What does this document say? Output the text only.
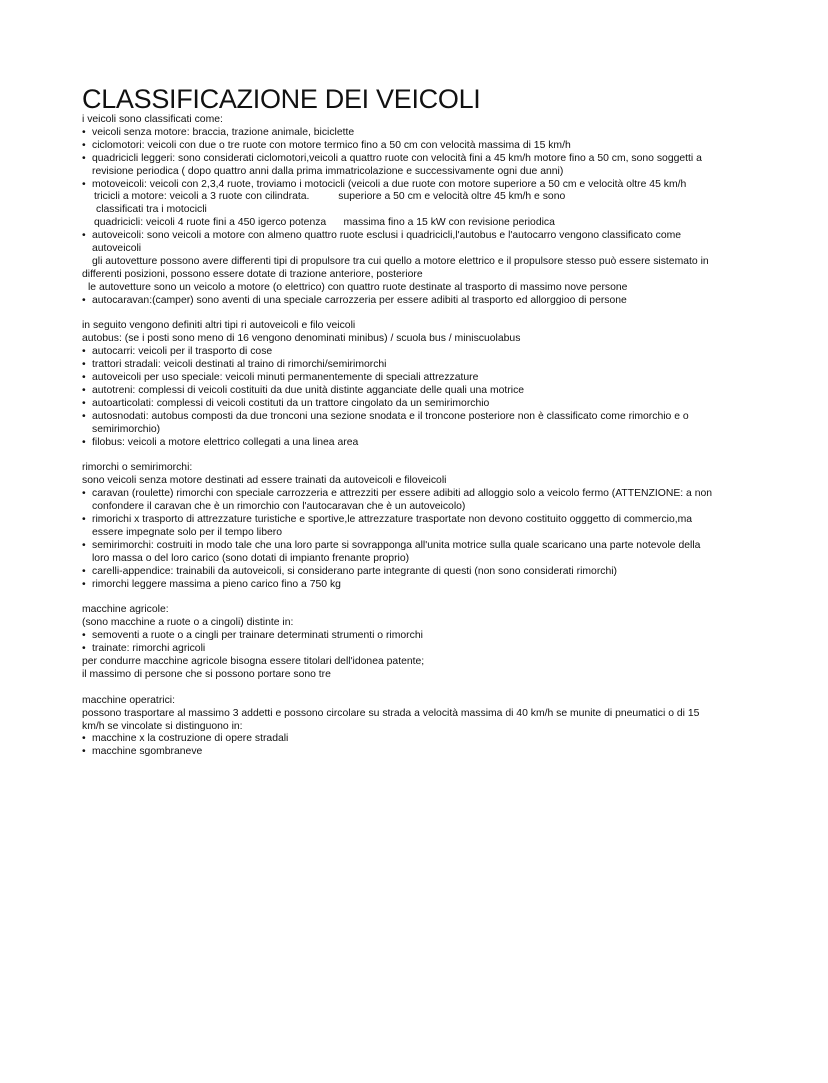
CLASSIFICAZIONE DEI VEICOLI
i veicoli sono classificati come:
• veicoli senza motore: braccia, trazione animale, biciclette
• ciclomotori: veicoli con due o tre ruote con motore termico fino a 50 cm con velocità massima di 15 km/h
• quadricicli leggeri: sono considerati ciclomotori,veicoli a quattro ruote con velocità fini a 45 km/h motore fino a 50 cm, sono soggetti a
revisione periodica ( dopo quattro anni dalla prima immatricolazione e successivamente ogni due anni)
• motoveicoli: veicoli con 2,3,4 ruote, troviamo i motocicli (veicoli a due ruote con motore superiore a 50 cm e velocità oltre 45 km/h
tricicli a motore: veicoli a 3 ruote con cilindrata.          superiore a 50 cm e velocità oltre 45 km/h e sono
classificati tra i motocicli
quadricicli: veicoli 4 ruote fini a 450 igerco potenza      massima fino a 15 kW con revisione periodica
• autoveicoli: sono veicoli a motore con almeno quattro ruote esclusi i quadricicli,l'autobus e l'autocarro vengono classificato come
autoveicoli
gli autovetture possono avere differenti tipi di propulsore tra cui quello a motore elettrico e il propulsore stesso può essere sistemato in
differenti posizioni, possono essere dotate di trazione anteriore, posteriore
le autovetture sono un veicolo a motore (o elettrico) con quattro ruote destinate al trasporto di massimo nove persone
• autocaravan:(camper) sono aventi di una speciale carrozzeria per essere adibiti al trasporto ed allorggioo di persone
in seguito vengono definiti altri tipi ri autoveicoli e filo veicoli
autobus: (se i posti sono meno di 16 vengono denominati minibus) / scuola bus / miniscuolabus
• autocarri: veicoli per il trasporto di cose
• trattori stradali: veicoli destinati al traino di rimorchi/semirimorchi
• autoveicoli per uso speciale: veicoli minuti permanentemente di speciali attrezzature
• autotreni: complessi di veicoli costituiti da due unità distinte agganciate delle quali una motrice
• autoarticolati: complessi di veicoli costituti da un trattore cingolato da un semirimorchio
• autosnodati: autobus composti da due tronconi una sezione snodata e il troncone posteriore non è classificato come rimorchio e o
semirimorchio)
• filobus: veicoli a motore elettrico collegati a una linea area
rimorchi o semirimorchi:
sono veicoli senza motore destinati ad essere trainati da autoveicoli e filoveicoli
• caravan (roulette) rimorchi con speciale carrozzeria e attrezziti per essere adibiti ad alloggio solo a veicolo fermo (ATTENZIONE: a non
confondere il caravan che è un rimorchio con l'autocaravan che è un autoveicolo)
• rimorichi x trasporto di attrezzature turistiche e sportive,le attrezzature trasportate non devono costituito ogggetto di commercio,ma
essere impegnate solo per il tempo libero
• semirimorchi: costruiti in modo tale che una loro parte si sovrapponga all'unita motrice sulla quale scaricano una parte notevole della
loro massa o del loro carico (sono dotati di impianto frenante proprio)
• carelli-appendice: trainabili da autoveicoli, si considerano parte integrante di questi (non sono considerati rimorchi)
• rimorchi leggere massima a pieno carico fino a 750 kg
macchine agricole:
(sono macchine a ruote o a cingoli) distinte in:
• semoventi a ruote o a cingli per trainare determinati strumenti o rimorchi
• trainate: rimorchi agricoli
per condurre macchine agricole bisogna essere titolari dell'idonea patente;
il massimo di persone che si possono portare sono tre
macchine operatrici:
possono trasportare al massimo 3 addetti e possono circolare su strada a velocità massima di 40 km/h se munite di pneumatici o di 15
km/h se vincolate si distinguono in:
• macchine x la costruzione di opere stradali
• macchine sgombraneve
